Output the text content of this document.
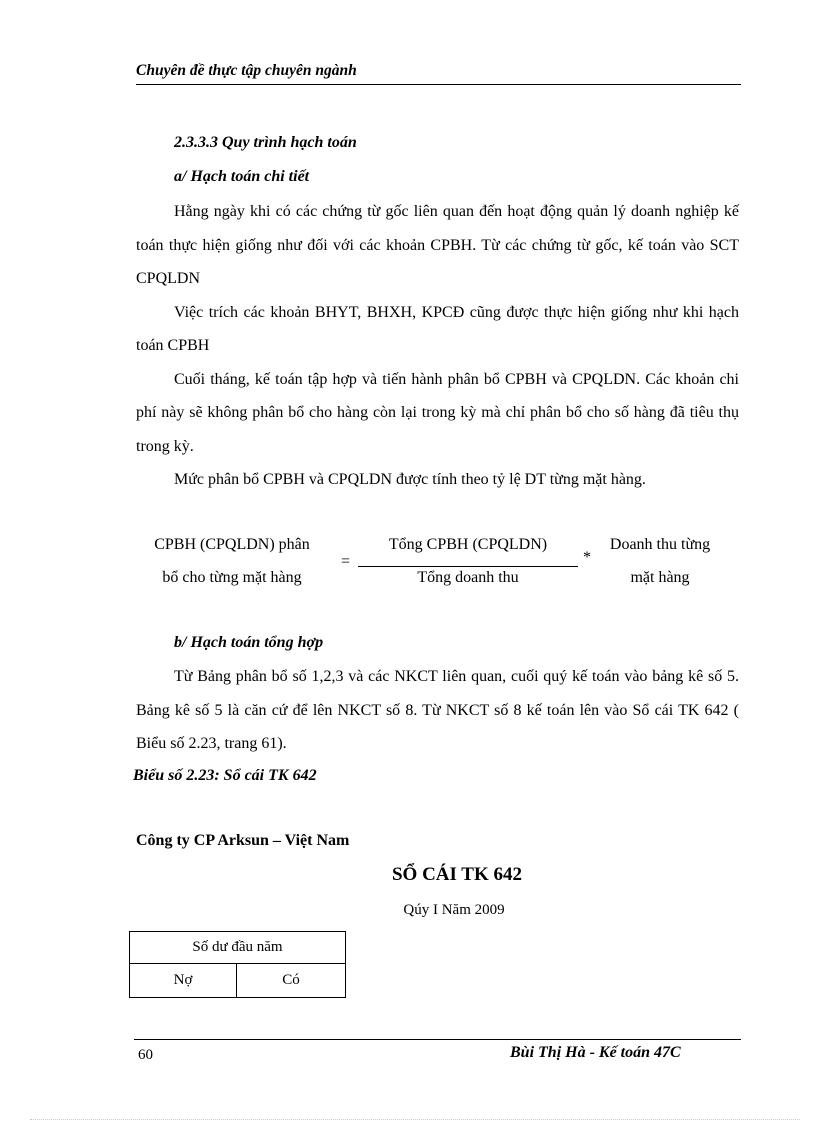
Chuyên đề thực tập chuyên ngành
2.3.3.3 Quy trình hạch toán
a/ Hạch toán chi tiết

Hằng ngày khi có các chứng từ gốc liên quan đến hoạt động quản lý doanh nghiệp kế toán thực hiện giống như đối với các khoản CPBH. Từ các chứng từ gốc, kế toán vào SCT CPQLDN

Việc trích các khoản BHYT, BHXH, KPCĐ cũng được thực hiện giống như khi hạch toán CPBH

Cuối tháng, kế toán tập hợp và tiến hành phân bổ CPBH và CPQLDN. Các khoản chi phí này sẽ không phân bổ cho hàng còn lại trong kỳ mà chỉ phân bổ cho số hàng đã tiêu thụ trong kỳ.

Mức phân bổ CPBH và CPQLDN được tính theo tỷ lệ DT từng mặt hàng.

CPBH (CPQLDN) phân
bổ cho từng mặt hàng
=
Tổng CPBH (CPQLDN)
Tổng doanh thu
*
Doanh thu từng
mặt hàng
b/ Hạch toán tổng hợp

Từ Bảng phân bổ số 1,2,3 và các NKCT liên quan, cuối quý kế toán vào bảng kê số 5. Bảng kê số 5 là căn cứ để lên NKCT số 8. Từ NKCT số 8 kế toán lên vào Sổ cái TK 642 ( Biểu số 2.23, trang 61).

Biểu số 2.23: Sổ cái TK 642
Công ty CP Arksun – Việt Nam
SỔ CÁI TK 642
Qúy I Năm 2009
Số dư đầu năm
Nợ	Có
60	Bùi Thị Hà - Kế toán 47C
